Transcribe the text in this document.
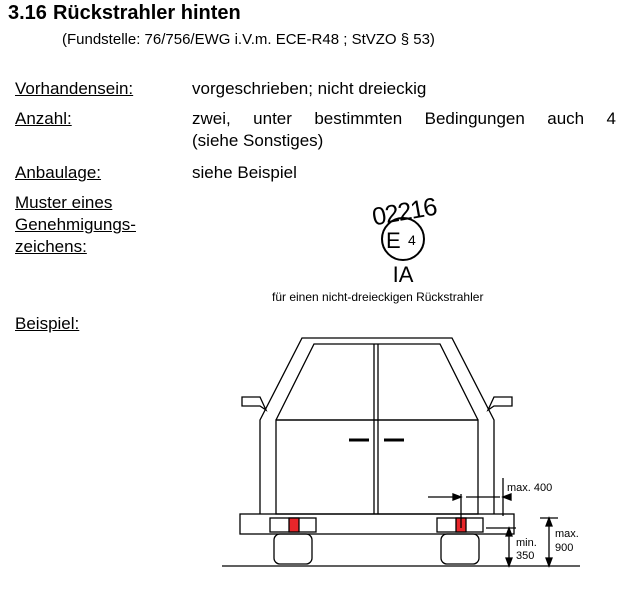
3.16 Rückstrahler hinten
(Fundstelle: 76/756/EWG i.V.m. ECE-R48 ; StVZO § 53)
Vorhandensein:	vorgeschrieben; nicht dreieckig
Anzahl:	zwei, unter bestimmten Bedingungen auch 4
(siehe Sonstiges)
Anbaulage:	siehe Beispiel
Muster eines
Genehmigungs-
zeichens:
Beispiel:
02216
E 4
IA
für einen nicht-dreieckigen Rückstrahler
max. 400
max.
900
min.
350
